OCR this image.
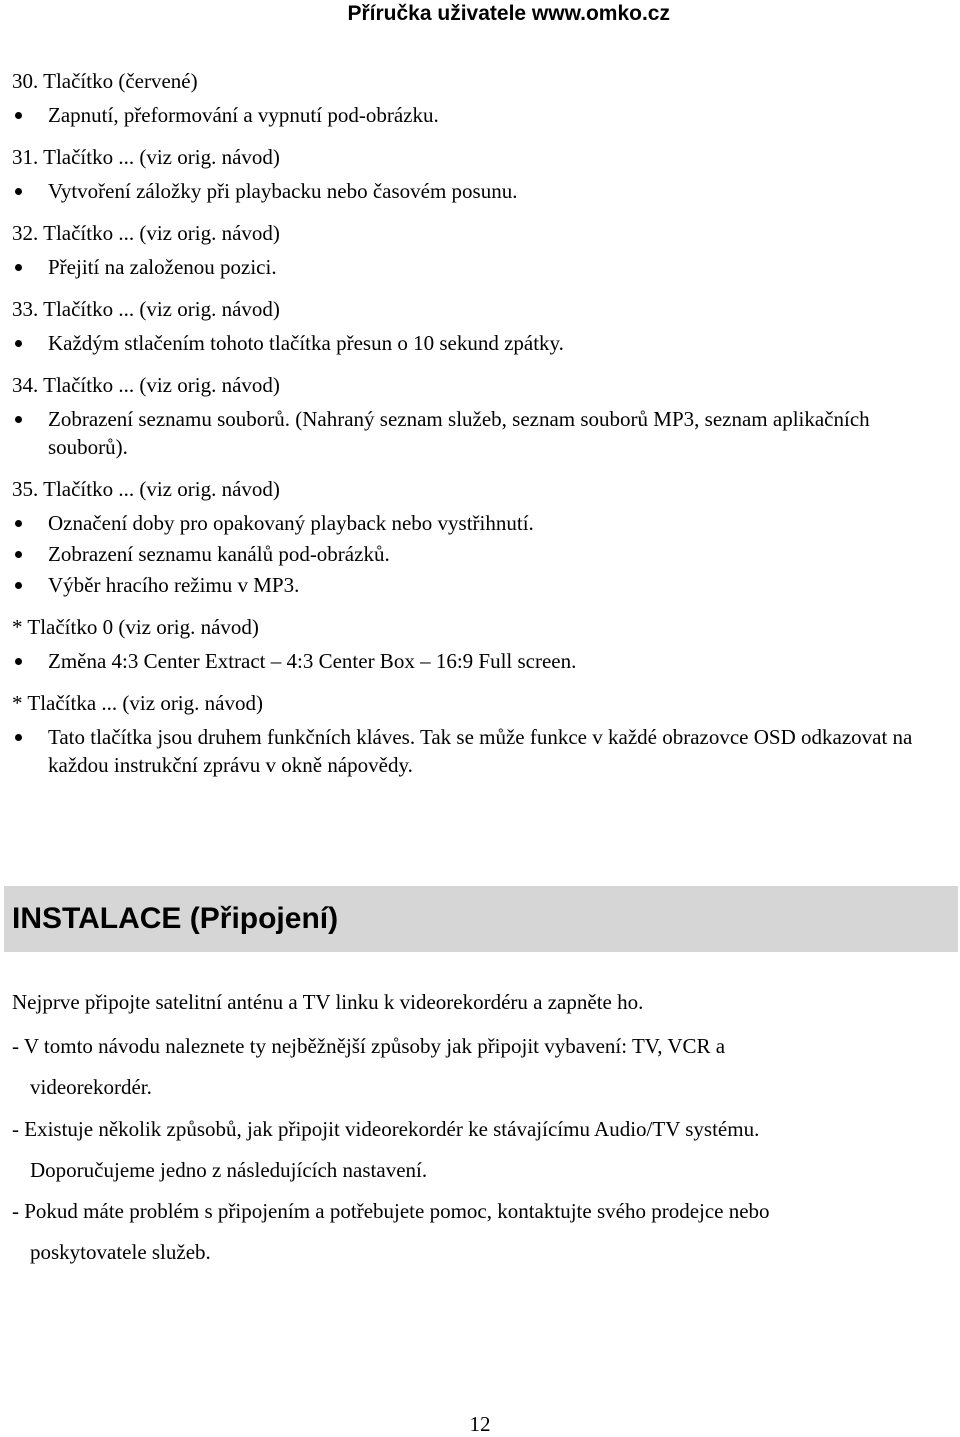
Příručka uživatele www.omko.cz
30. Tlačítko (červené)
Zapnutí, přeformování a vypnutí pod-obrázku.
31. Tlačítko ... (viz orig. návod)
Vytvoření záložky při playbacku nebo časovém posunu.
32. Tlačítko ... (viz orig. návod)
Přejití na založenou pozici.
33. Tlačítko ... (viz orig. návod)
Každým stlačením tohoto tlačítka přesun o 10 sekund zpátky.
34. Tlačítko ... (viz orig. návod)
Zobrazení seznamu souborů. (Nahraný seznam služeb, seznam souborů MP3, seznam aplikačních souborů).
35. Tlačítko ... (viz orig. návod)
Označení doby pro opakovaný playback nebo vystřihnutí.
Zobrazení seznamu kanálů pod-obrázků.
Výběr hracího režimu v MP3.
* Tlačítko 0 (viz orig. návod)
Změna 4:3 Center Extract – 4:3 Center Box – 16:9 Full screen.
* Tlačítka ... (viz orig. návod)
Tato tlačítka jsou druhem funkčních kláves. Tak se může funkce v každé obrazovce OSD odkazovat na každou instrukční zprávu v okně nápovědy.
INSTALACE (Připojení)
Nejprve připojte satelitní anténu a TV linku k videorekordéru a zapněte ho.
- V tomto návodu naleznete ty nejběžnější způsoby jak připojit vybavení: TV, VCR a
videorekordér.
- Existuje několik způsobů, jak připojit videorekordér ke stávajícímu Audio/TV systému.
Doporučujeme jedno z následujících nastavení.
- Pokud máte problém s připojením a potřebujete pomoc, kontaktujte svého prodejce nebo
poskytovatele služeb.
12
